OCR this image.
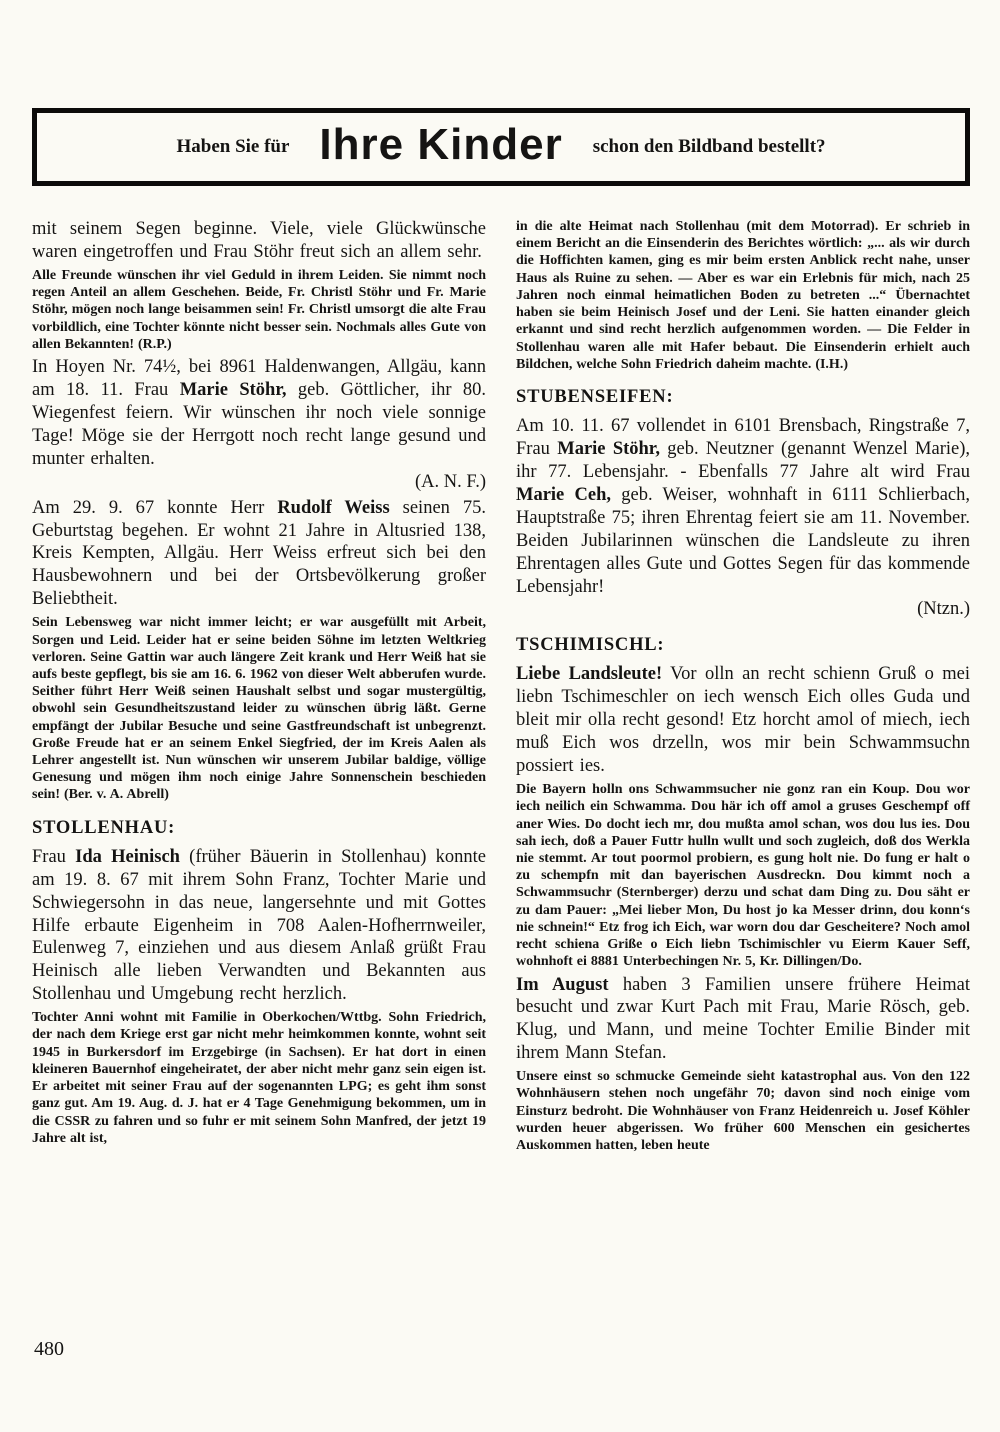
Haben Sie für Ihre Kinder schon den Bildband bestellt?

mit seinem Segen beginne. Viele, viele Glückwünsche waren eingetroffen und Frau Stöhr freut sich an allem sehr.

Alle Freunde wünschen ihr viel Geduld in ihrem Leiden. Sie nimmt noch regen Anteil an allem Geschehen. Beide, Fr. Christl Stöhr und Fr. Marie Stöhr, mögen noch lange beisammen sein! Fr. Christl umsorgt die alte Frau vorbildlich, eine Tochter könnte nicht besser sein. Nochmals alles Gute von allen Bekannten! (R.P.)

In Hoyen Nr. 74½, bei 8961 Haldenwangen, Allgäu, kann am 18. 11. Frau Marie Stöhr, geb. Göttlicher, ihr 80. Wiegenfest feiern. Wir wünschen ihr noch viele sonnige Tage! Möge sie der Herrgott noch recht lange gesund und munter erhalten.

(A. N. F.)

Am 29. 9. 67 konnte Herr Rudolf Weiss seinen 75. Geburtstag begehen. Er wohnt 21 Jahre in Altusried 138, Kreis Kempten, Allgäu. Herr Weiss erfreut sich bei den Hausbewohnern und bei der Ortsbevölkerung großer Beliebtheit.

Sein Lebensweg war nicht immer leicht; er war ausgefüllt mit Arbeit, Sorgen und Leid. Leider hat er seine beiden Söhne im letzten Weltkrieg verloren. Seine Gattin war auch längere Zeit krank und Herr Weiß hat sie aufs beste gepflegt, bis sie am 16. 6. 1962 von dieser Welt abberufen wurde. Seither führt Herr Weiß seinen Haushalt selbst und sogar mustergültig, obwohl sein Gesundheitszustand leider zu wünschen übrig läßt. Gerne empfängt der Jubilar Besuche und seine Gastfreundschaft ist unbegrenzt. Große Freude hat er an seinem Enkel Siegfried, der im Kreis Aalen als Lehrer angestellt ist. Nun wünschen wir unserem Jubilar baldige, völlige Genesung und mögen ihm noch einige Jahre Sonnenschein beschieden sein! (Ber. v. A. Abrell)

STOLLENHAU:

Frau Ida Heinisch (früher Bäuerin in Stollenhau) konnte am 19. 8. 67 mit ihrem Sohn Franz, Tochter Marie und Schwiegersohn in das neue, langersehnte und mit Gottes Hilfe erbaute Eigenheim in 708 Aalen-Hofherrnweiler, Eulenweg 7, einziehen und aus diesem Anlaß grüßt Frau Heinisch alle lieben Verwandten und Bekannten aus Stollenhau und Umgebung recht herzlich.

Tochter Anni wohnt mit Familie in Oberkochen/Wttbg. Sohn Friedrich, der nach dem Kriege erst gar nicht mehr heimkommen konnte, wohnt seit 1945 in Burkersdorf im Erzgebirge (in Sachsen). Er hat dort in einen kleineren Bauernhof eingeheiratet, der aber nicht mehr ganz sein eigen ist. Er arbeitet mit seiner Frau auf der sogenannten LPG; es geht ihm sonst ganz gut. Am 19. Aug. d. J. hat er 4 Tage Genehmigung bekommen, um in die CSSR zu fahren und so fuhr er mit seinem Sohn Manfred, der jetzt 19 Jahre alt ist,

in die alte Heimat nach Stollenhau (mit dem Motorrad). Er schrieb in einem Bericht an die Einsenderin des Berichtes wörtlich: „... als wir durch die Hoffichten kamen, ging es mir beim ersten Anblick recht nahe, unser Haus als Ruine zu sehen. — Aber es war ein Erlebnis für mich, nach 25 Jahren noch einmal heimatlichen Boden zu betreten ...“ Übernachtet haben sie beim Heinisch Josef und der Leni. Sie hatten einander gleich erkannt und sind recht herzlich aufgenommen worden. — Die Felder in Stollenhau waren alle mit Hafer bebaut. Die Einsenderin erhielt auch Bildchen, welche Sohn Friedrich daheim machte. (I.H.)

STUBENSEIFEN:

Am 10. 11. 67 vollendet in 6101 Brensbach, Ringstraße 7, Frau Marie Stöhr, geb. Neutzner (genannt Wenzel Marie), ihr 77. Lebensjahr. - Ebenfalls 77 Jahre alt wird Frau Marie Ceh, geb. Weiser, wohnhaft in 6111 Schlierbach, Hauptstraße 75; ihren Ehrentag feiert sie am 11. November. Beiden Jubilarinnen wünschen die Landsleute zu ihren Ehrentagen alles Gute und Gottes Segen für das kommende Lebensjahr!

(Ntzn.)

TSCHIMISCHL:

Liebe Landsleute! Vor olln an recht schienn Gruß o mei liebn Tschimeschler on iech wensch Eich olles Guda und bleit mir olla recht gesond! Etz horcht amol of miech, iech muß Eich wos drzelln, wos mir bein Schwammsuchn possiert ies.

Die Bayern holln ons Schwammsucher nie gonz ran ein Koup. Dou wor iech neilich ein Schwamma. Dou här ich off amol a gruses Geschempf off aner Wies. Do docht iech mr, dou mußta amol schan, wos dou lus ies. Dou sah iech, doß a Pauer Futtr hulln wullt und soch zugleich, doß dos Werkla nie stemmt. Ar tout poormol probiern, es gung holt nie. Do fung er halt o zu schempfn mit dan bayerischen Ausdreckn. Dou kimmt noch a Schwammsuchr (Sternberger) derzu und schat dam Ding zu. Dou säht er zu dam Pauer: „Mei lieber Mon, Du host jo ka Messer drinn, dou konn‘s nie schnein!“ Etz frog ich Eich, war worn dou dar Gescheitere? Noch amol recht schiena Griße o Eich liebn Tschimischler vu Eierm Kauer Seff, wohnhoft ei 8881 Unterbechingen Nr. 5, Kr. Dillingen/Do.

Im August haben 3 Familien unsere frühere Heimat besucht und zwar Kurt Pach mit Frau, Marie Rösch, geb. Klug, und Mann, und meine Tochter Emilie Binder mit ihrem Mann Stefan.

Unsere einst so schmucke Gemeinde sieht katastrophal aus. Von den 122 Wohnhäusern stehen noch ungefähr 70; davon sind noch einige vom Einsturz bedroht. Die Wohnhäuser von Franz Heidenreich u. Josef Köhler wurden heuer abgerissen. Wo früher 600 Menschen ein gesichertes Auskommen hatten, leben heute

480
